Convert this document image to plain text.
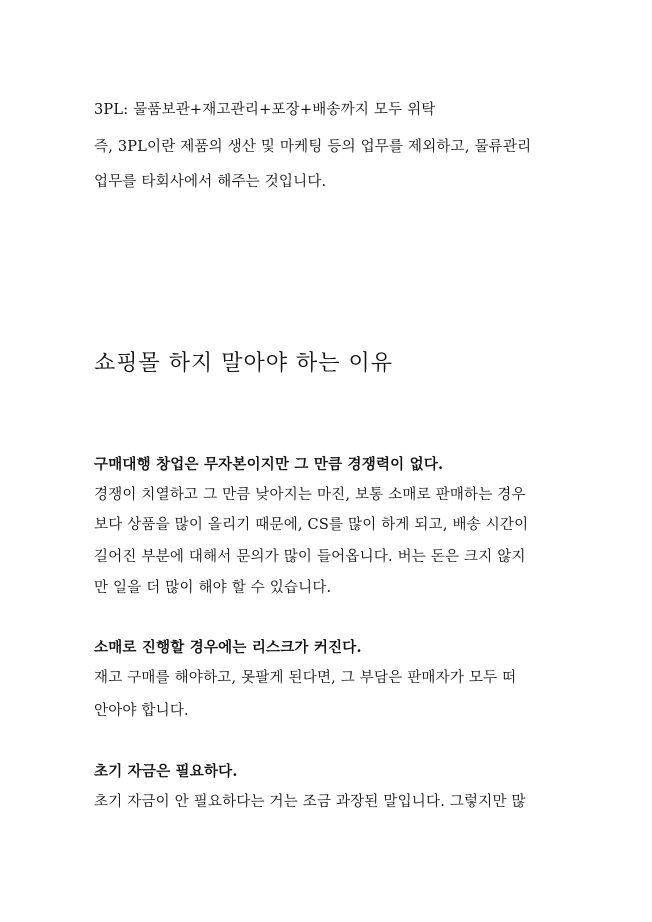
3PL: 물품보관+재고관리+포장+배송까지 모두 위탁
즉, 3PL이란 제품의 생산 및 마케팅 등의 업무를 제외하고, 물류관리
업무를 타회사에서 해주는 것입니다.
쇼핑몰 하지 말아야 하는 이유
구매대행 창업은 무자본이지만 그 만큼 경쟁력이 없다.
경쟁이 치열하고 그 만큼 낮아지는 마진, 보통 소매로 판매하는 경우
보다 상품을 많이 올리기 때문에, CS를 많이 하게 되고, 배송 시간이
길어진 부분에 대해서 문의가 많이 들어옵니다. 버는 돈은 크지 않지
만 일을 더 많이 해야 할 수 있습니다.
소매로 진행할 경우에는 리스크가 커진다.
재고 구매를 해야하고, 못팔게 된다면, 그 부담은 판매자가 모두 떠
안아야 합니다.
초기 자금은 필요하다.
초기 자금이 안 필요하다는 거는 조금 과장된 말입니다. 그렇지만 많
